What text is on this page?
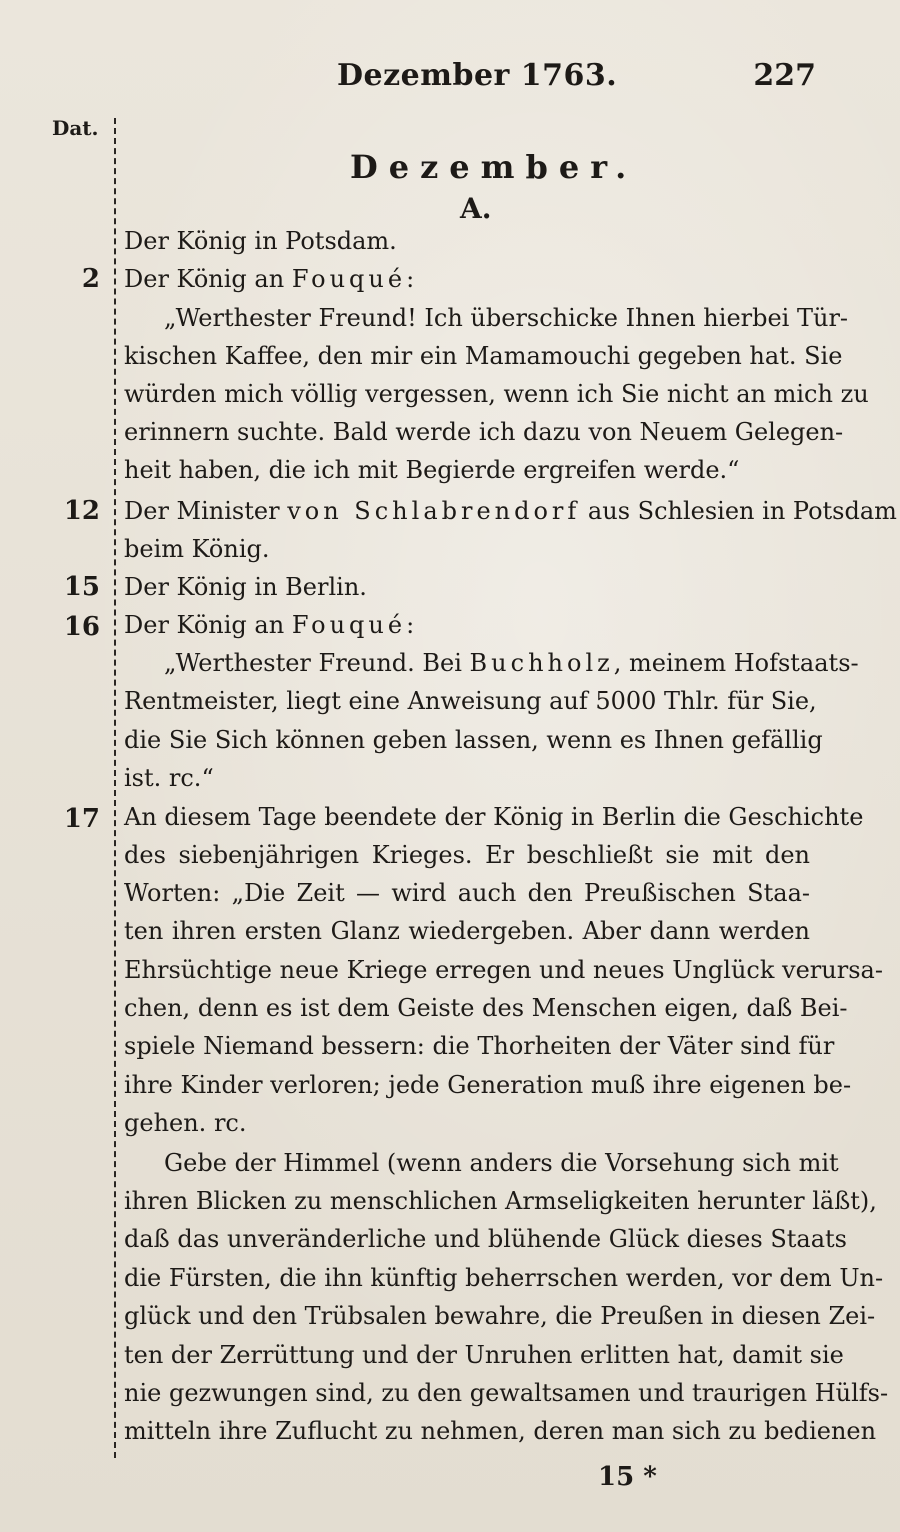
Dezember 1763.	227
Dat.
Dezember.
A.
Der König in Potsdam.
2 Der König an Fouqué:
„Werthester Freund! Ich überschicke Ihnen hierbei Tür-
kischen Kaffee, den mir ein Mamamouchi gegeben hat. Sie
würden mich völlig vergessen, wenn ich Sie nicht an mich zu
erinnern suchte. Bald werde ich dazu von Neuem Gelegen-
heit haben, die ich mit Begierde ergreifen werde.“
12 Der Minister von Schlabrendorf aus Schlesien in Potsdam
beim König.
15 Der König in Berlin.
16 Der König an Fouqué:
„Werthester Freund. Bei Buchholz, meinem Hofstaats-
Rentmeister, liegt eine Anweisung auf 5000 Thlr. für Sie,
die Sie Sich können geben lassen, wenn es Ihnen gefällig
ist. rc.“
17 An diesem Tage beendete der König in Berlin die Geschichte
des siebenjährigen Krieges. Er beschließt sie mit den
Worten: „Die Zeit — wird auch den Preußischen Staa-
ten ihren ersten Glanz wiedergeben. Aber dann werden
Ehrsüchtige neue Kriege erregen und neues Unglück verursa-
chen, denn es ist dem Geiste des Menschen eigen, daß Bei-
spiele Niemand bessern: die Thorheiten der Väter sind für
ihre Kinder verloren; jede Generation muß ihre eigenen be-
gehen. rc.
Gebe der Himmel (wenn anders die Vorsehung sich mit
ihren Blicken zu menschlichen Armseligkeiten herunter läßt),
daß das unveränderliche und blühende Glück dieses Staats
die Fürsten, die ihn künftig beherrschen werden, vor dem Un-
glück und den Trübsalen bewahre, die Preußen in diesen Zei-
ten der Zerrüttung und der Unruhen erlitten hat, damit sie
nie gezwungen sind, zu den gewaltsamen und traurigen Hülfs-
mitteln ihre Zuflucht zu nehmen, deren man sich zu bedienen
15 *
